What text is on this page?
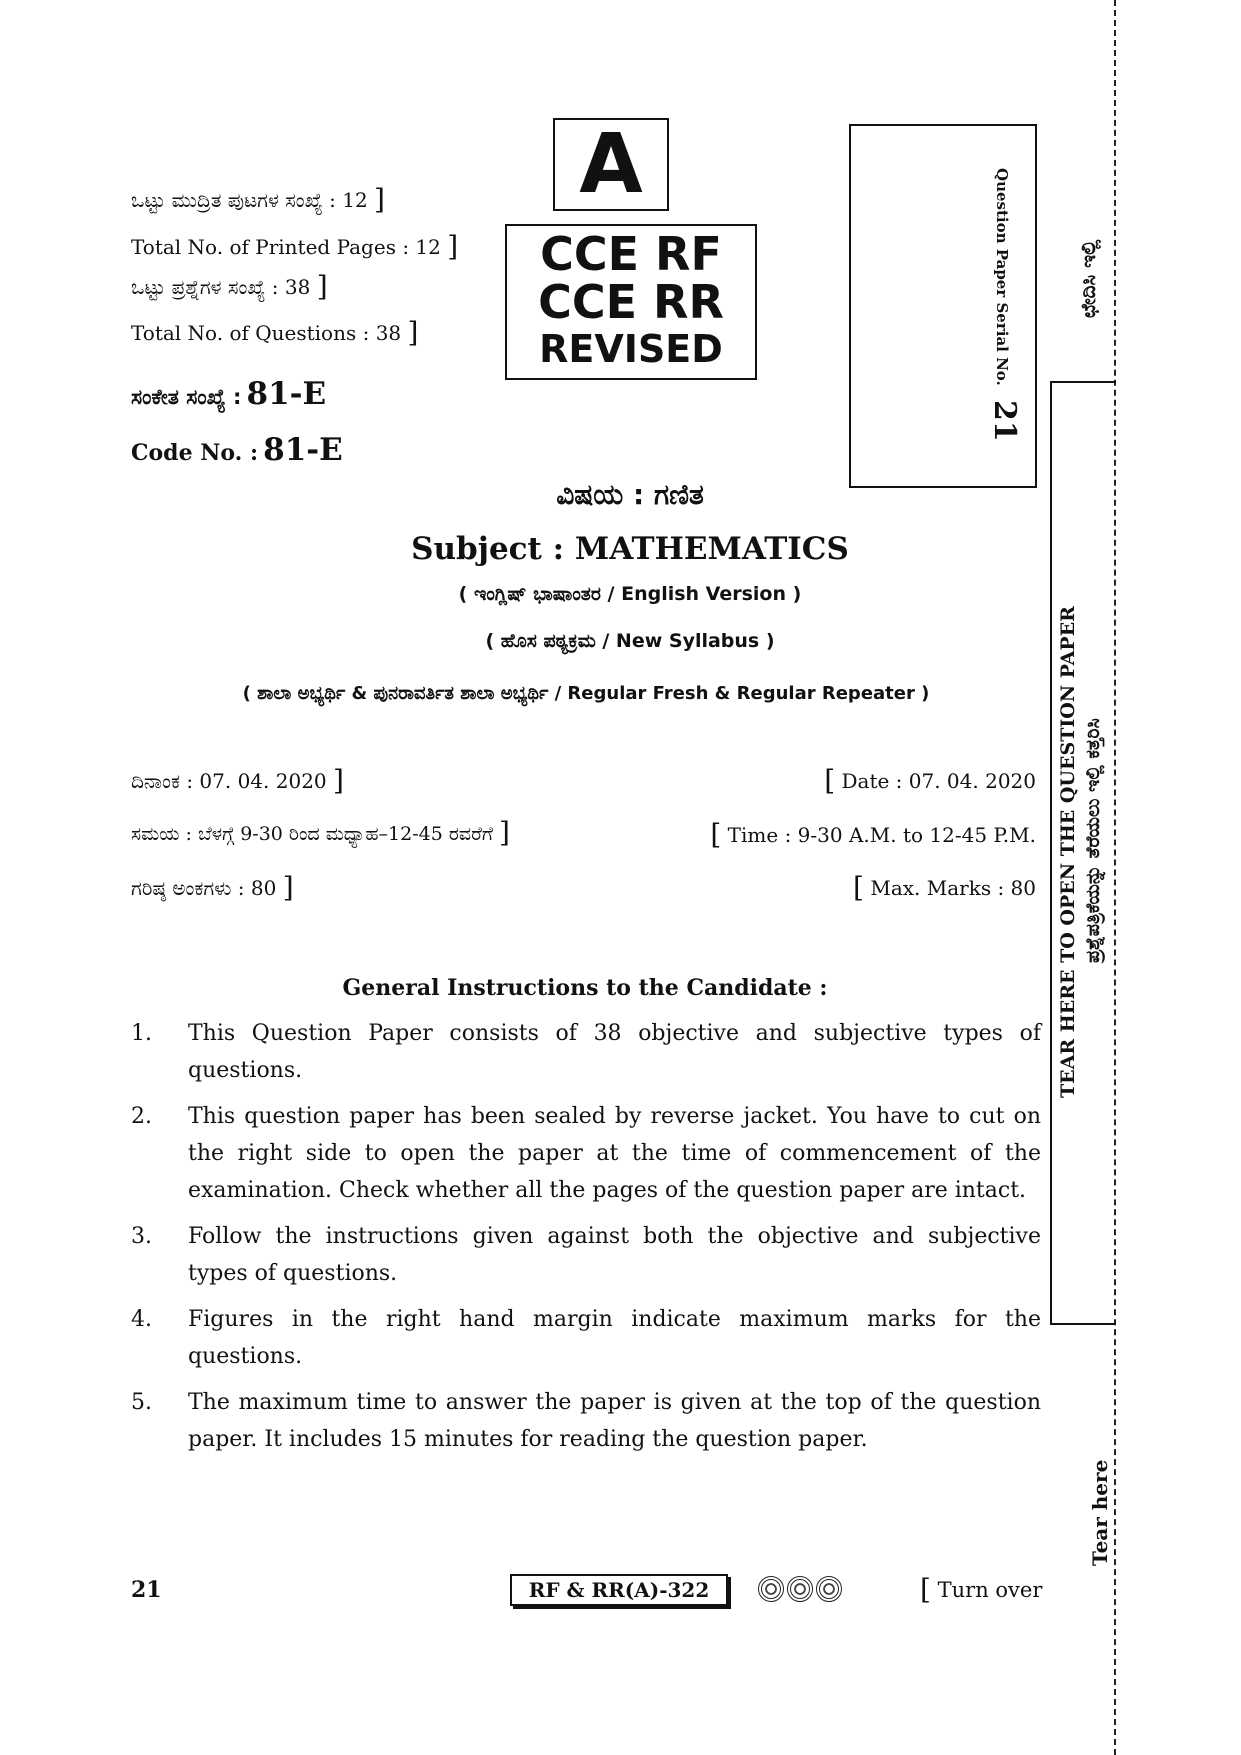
ಒಟ್ಟು ಮುದ್ರಿತ ಪುಟಗಳ ಸಂಖ್ಯೆ : 12 ]
Total No. of Printed Pages : 12 ]
ಒಟ್ಟು ಪ್ರಶ್ನೆಗಳ ಸಂಖ್ಯೆ : 38 ]
Total No. of Questions : 38 ]
ಸಂಕೇತ ಸಂಖ್ಯೆ : 81-E
Code No. : 81-E
A
CCE RF
CCE RR
REVISED	Question Paper Serial No.
21
ಛೇದಿಸಿ ಇಲ್ಲಿ
TEAR HERE TO OPEN THE QUESTION PAPER ಪ್ರಶ್ನೆಪತ್ರಿಕೆಯನ್ನು ತೆರೆಯಲು ಇಲ್ಲಿ ಕತ್ತರಿಸಿ
Tear here
ವಿಷಯ : ಗಣಿತ
Subject : MATHEMATICS
( ಇಂಗ್ಲಿಷ್ ಭಾಷಾಂತರ / English Version )
( ಹೊಸ ಪಠ್ಯಕ್ರಮ / New Syllabus )
( ಶಾಲಾ ಅಭ್ಯರ್ಥಿ & ಪುನರಾವರ್ತಿತ ಶಾಲಾ ಅಭ್ಯರ್ಥಿ / Regular Fresh & Regular Repeater )
ದಿನಾಂಕ : 07. 04. 2020 ]	[ Date : 07. 04. 2020
ಸಮಯ : ಬೆಳಗ್ಗೆ 9-30 ರಿಂದ ಮಧ್ಯಾಹ–12-45 ರವರೆಗೆ ]	[ Time : 9-30 A.M. to 12-45 P.M.
ಗರಿಷ್ಠ ಅಂಕಗಳು : 80 ]	[ Max. Marks : 80
General Instructions to the Candidate :
1.	This Question Paper consists of 38 objective and subjective types of questions.
2.	This question paper has been sealed by reverse jacket. You have to cut on the right side to open the paper at the time of commencement of the examination. Check whether all the pages of the question paper are intact.
3.	Follow the instructions given against both the objective and subjective types of questions.
4.	Figures in the right hand margin indicate maximum marks for the questions.
5.	The maximum time to answer the paper is given at the top of the question paper. It includes 15 minutes for reading the question paper.
21	RF & RR(A)-322	[ Turn over
